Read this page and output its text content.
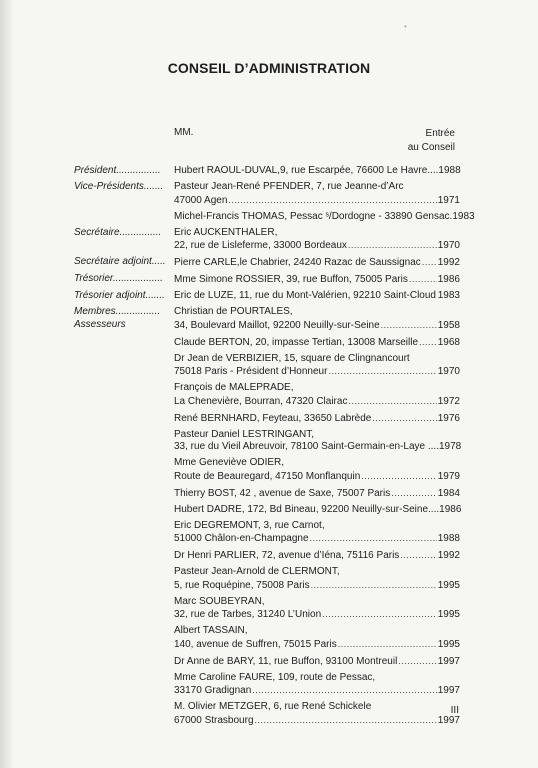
•
CONSEIL D’ADMINISTRATION
MM.	Entrée
au Conseil
Président................	Hubert RAOUL-DUVAL,9, rue Escarpée, 76600 Le Havre.... 1988
Vice-Présidents.......	Pasteur Jean-René PFENDER, 7, rue Jeanne-d’Arc
47000 Agen .....	1971
Michel-Francis THOMAS, Pessac ˢ/Dordogne - 33890 Gensac. 1983
Secrétaire...............	Eric AUCKENTHALER,
22, rue de Lisleferme, 33000 Bordeaux .....	1970
Secrétaire adjoint..... Pierre CARLE,le Chabrier, 24240 Razac de Saussignac ..... 1992
Trésorier..................	Mme Simone ROSSIER, 39, rue Buffon, 75005 Paris .....	1986
Trésorier adjoint....... Eric de LUZE, 11, rue du Mont-Valérien, 92210 Saint-Cloud 1983
Membres................
Assesseurs
Christian de POURTALES,
34, Boulevard Maillot, 92200 Neuilly-sur-Seine .....	1958
Claude BERTON, 20, impasse Tertian, 13008 Marseille ..... 1968
Dr Jean de VERBIZIER, 15, square de Clingnancourt
75018 Paris - Président d’Honneur .....	1970
François de MALEPRADE,
La Chenevière, Bourran, 47320 Clairac .....	1972
René BERNHARD, Feyteau, 33650 Labrède .....	1976
Pasteur Daniel LESTRINGANT,
33, rue du Vieil Abreuvoir, 78100 Saint-Germain-en-Laye .... 1978
Mme Geneviève ODIER,
Route de Beauregard, 47150 Monflanquin .....	1979
Thierry BOST, 42 , avenue de Saxe, 75007 Paris .....	1984
Hubert DADRE, 172, Bd Bineau, 92200 Neuilly-sur-Seine.... 1986
Eric DEGREMONT, 3, rue Carnot,
51000 Châlon-en-Champagne .....	1988
Dr Henri PARLIER, 72, avenue d’Iéna, 75116 Paris .....	1992
Pasteur Jean-Arnold de CLERMONT,
5, rue Roquépine, 75008 Paris .....	1995
Marc SOUBEYRAN,
32, rue de Tarbes, 31240 L’Union .....	1995
Albert TASSAIN,
140, avenue de Suffren, 75015 Paris .....	1995
Dr Anne de BARY, 11, rue Buffon, 93100 Montreuil .....	1997
Mme Caroline FAURE, 109, route de Pessac,
33170 Gradignan .....	1997
M. Olivier METZGER, 6, rue René Schickele
67000 Strasbourg .....	1997
III
